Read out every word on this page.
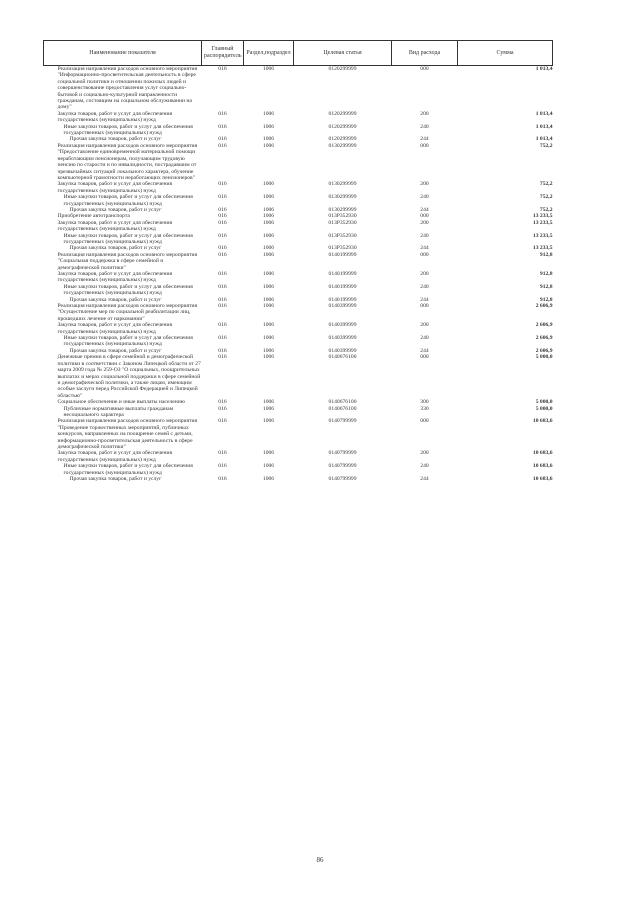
Наименование показателя	Главный распорядитель	Раздел,подраздел	Целевая статья	Вид расхода	Сумма
Реализация направления расходов основного мероприятия "Информационно-просветительская деятельность в сфере социальной политики и отношении пожилых людей и совершенствование предоставления услуг социально-бытовой и социально-культурной направленности гражданам, состоящим на социальном обслуживании на дому"	016	1006	0120299999	000	1 013,4
Закупка товаров, работ и услуг для обеспечения государственных (муниципальных) нужд	016	1006	0120299999	200	1 013,4
Иные закупки товаров, работ и услуг для обеспечения государственных (муниципальных) нужд	016	1006	0120299999	240	1 013,4
Прочая закупка товаров, работ и услуг	016	1006	0120299999	244	1 013,4
Реализация направления расходов основного мероприятия "Предоставление единовременной материальной помощи неработающим пенсионерам, получающим трудовую пенсию по старости и по инвалидности, пострадавшим от чрезвычайных ситуаций локального характера, обучение компьютерной грамотности неработающих пенсионеров"	016	1006	0130299999	000	752,2
Закупка товаров, работ и услуг для обеспечения государственных (муниципальных) нужд	016	1006	0130299999	200	752,2
Иные закупки товаров, работ и услуг для обеспечения государственных (муниципальных) нужд	016	1006	0130299999	240	752,2
Прочая закупка товаров, работ и услуг	016	1006	0130299999	244	752,2
Приобретение автотранспорта	016	1006	013P352930	000	13 233,5
Закупка товаров, работ и услуг для обеспечения государственных (муниципальных) нужд	016	1006	013P352930	200	13 233,5
Иные закупки товаров, работ и услуг для обеспечения государственных (муниципальных) нужд	016	1006	013P352930	240	13 233,5
Прочая закупка товаров, работ и услуг	016	1006	013P352930	244	13 233,5
Реализация направления расходов основного мероприятия "Социальная поддержка в сфере семейной и демографической политики"	016	1006	0140199999	000	912,8
Закупка товаров, работ и услуг для обеспечения государственных (муниципальных) нужд	016	1006	0140199999	200	912,8
Иные закупки товаров, работ и услуг для обеспечения государственных (муниципальных) нужд	016	1006	0140199999	240	912,8
Прочая закупка товаров, работ и услуг	016	1006	0140199999	244	912,8
Реализация направления расходов основного мероприятия "Осуществление мер по социальной реабилитации лиц, прошедших лечение от наркомании"	016	1006	0140399999	000	2 606,9
Закупка товаров, работ и услуг для обеспечения государственных (муниципальных) нужд	016	1006	0140399999	200	2 606,9
Иные закупки товаров, работ и услуг для обеспечения государственных (муниципальных) нужд	016	1006	0140399999	240	2 606,9
Прочая закупка товаров, работ и услуг	016	1006	0140399999	244	2 606,9
Денежные премии в сфере семейной и демографической политики в соответствии с Законом Липецкой области от 27 марта 2009 года № 259-ОЗ "О социальных, поощрительных выплатах и мерах социальной поддержки в сфере семейной и демографической политики, а также лицам, имеющим особые заслуги перед Российской Федерацией и Липецкой областью"	016	1006	0140676100	000	5 000,0
Социальное обеспечение и иные выплаты населению	016	1006	0140676100	300	5 000,0
Публичные нормативные выплаты гражданам несоциального характера	016	1006	0140676100	330	5 000,0
Реализация направления расходов основного мероприятия "Проведение торжественных мероприятий, публичных конкурсов, направленных на поощрение семей с детьми, информационно-просветительская деятельность в сфере демографической политики"	016	1006	0140799999	000	10 683,6
Закупка товаров, работ и услуг для обеспечения государственных (муниципальных) нужд	016	1006	0140799999	200	10 683,6
Иные закупки товаров, работ и услуг для обеспечения государственных (муниципальных) нужд	016	1006	0140799999	240	10 683,6
Прочая закупка товаров, работ и услуг	016	1006	0140799999	244	10 683,6
86
